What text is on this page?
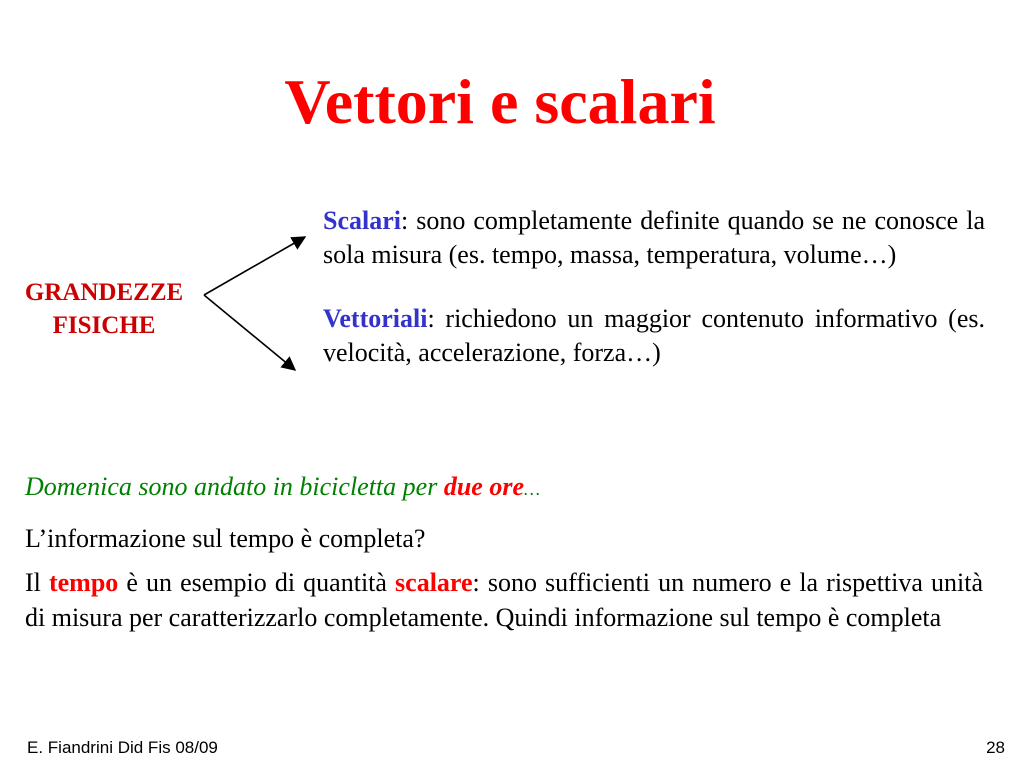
Vettori e scalari
GRANDEZZE
FISICHE

Scalari: sono completamente definite quando se ne conosce la sola misura (es. tempo, massa, temperatura, volume…)

Vettoriali: richiedono un maggior contenuto informativo (es. velocità, accelerazione, forza…)

Domenica sono andato in bicicletta per due ore…
L’informazione sul tempo è completa?

Il tempo è un esempio di quantità scalare: sono sufficienti un numero e la rispettiva unità di misura per caratterizzarlo completamente. Quindi informazione sul tempo è completa

E. Fiandrini Did Fis 08/09	28
